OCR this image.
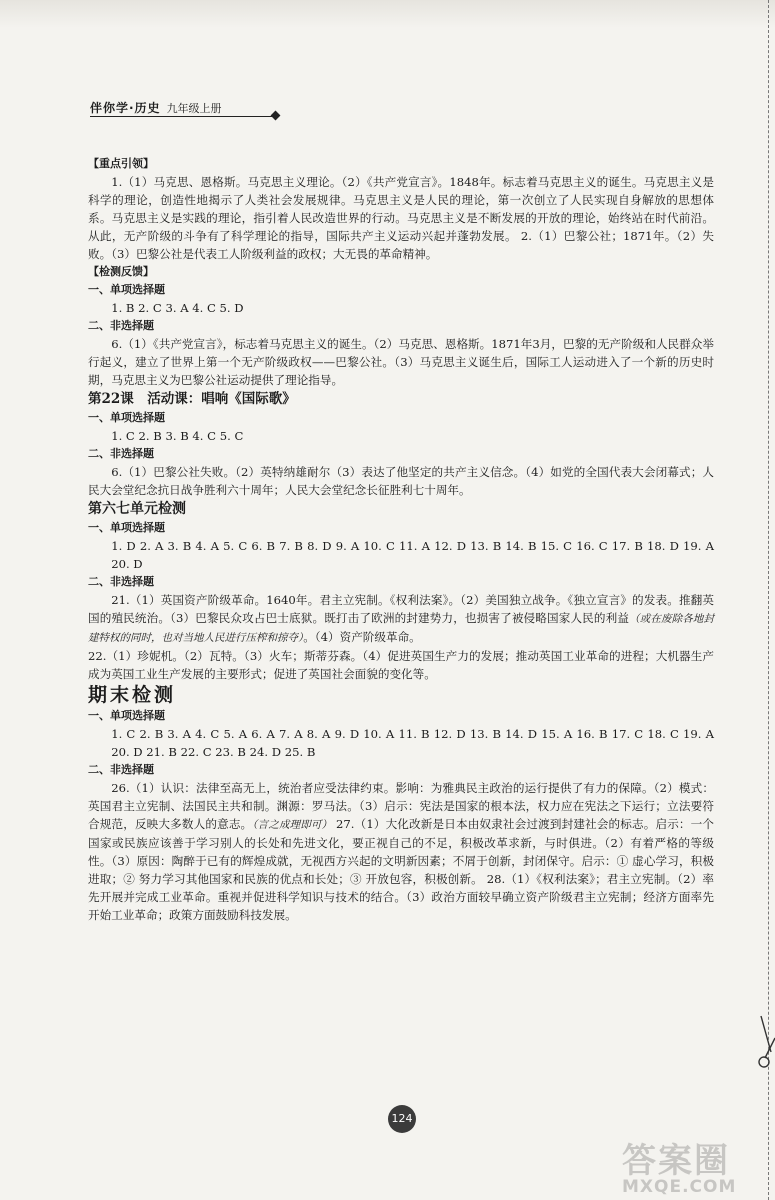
伴你学·历史 九年级上册

【重点引领】

1.（1）马克思、恩格斯。马克思主义理论。（2）《共产党宣言》。1848年。标志着马克思主义的诞生。马克思主义是科学的理论，创造性地揭示了人类社会发展规律。马克思主义是人民的理论，第一次创立了人民实现自身解放的思想体系。马克思主义是实践的理论，指引着人民改造世界的行动。马克思主义是不断发展的开放的理论，始终站在时代前沿。从此，无产阶级的斗争有了科学理论的指导，国际共产主义运动兴起并蓬勃发展。 2.（1）巴黎公社；1871年。（2）失败。（3）巴黎公社是代表工人阶级利益的政权；大无畏的革命精神。

【检测反馈】

一、单项选择题

1. B 2. C 3. A 4. C 5. D

二、非选择题

6.（1）《共产党宣言》，标志着马克思主义的诞生。（2）马克思、恩格斯。1871年3月，巴黎的无产阶级和人民群众举行起义，建立了世界上第一个无产阶级政权——巴黎公社。（3）马克思主义诞生后，国际工人运动进入了一个新的历史时期，马克思主义为巴黎公社运动提供了理论指导。

第22课　活动课：唱响《国际歌》

一、单项选择题

1. C 2. B 3. B 4. C 5. C

二、非选择题

6.（1）巴黎公社失败。（2）英特纳雄耐尔（3）表达了他坚定的共产主义信念。（4）如党的全国代表大会闭幕式；人民大会堂纪念抗日战争胜利六十周年；人民大会堂纪念长征胜利七十周年。

第六七单元检测

一、单项选择题

1. D 2. A 3. B 4. A 5. C 6. B 7. B 8. D 9. A 10. C 11. A 12. D 13. B 14. B 15. C 16. C 17. B 18. D 19. A 20. D

二、非选择题

21.（1）英国资产阶级革命。1640年。君主立宪制。《权利法案》。（2）美国独立战争。《独立宣言》的发表。推翻英国的殖民统治。（3）巴黎民众攻占巴士底狱。既打击了欧洲的封建势力，也损害了被侵略国家人民的利益（或在废除各地封建特权的同时，也对当地人民进行压榨和掠夺）。（4）资产阶级革命。

22.（1）珍妮机。（2）瓦特。（3）火车；斯蒂芬森。（4）促进英国生产力的发展；推动英国工业革命的进程；大机器生产成为英国工业生产发展的主要形式；促进了英国社会面貌的变化等。

期末检测

一、单项选择题

1. C 2. B 3. A 4. C 5. A 6. A 7. A 8. A 9. D 10. A 11. B 12. D 13. B 14. D 15. A 16. B 17. C 18. C 19. A 20. D 21. B 22. C 23. B 24. D 25. B

二、非选择题

26.（1）认识：法律至高无上，统治者应受法律约束。影响：为雅典民主政治的运行提供了有力的保障。（2）模式：英国君主立宪制、法国民主共和制。渊源：罗马法。（3）启示：宪法是国家的根本法，权力应在宪法之下运行；立法要符合规范，反映大多数人的意志。（言之成理即可） 27.（1）大化改新是日本由奴隶社会过渡到封建社会的标志。启示：一个国家或民族应该善于学习别人的长处和先进文化，要正视自己的不足，积极改革求新，与时俱进。（2）有着严格的等级性。（3）原因：陶醉于已有的辉煌成就，无视西方兴起的文明新因素；不屑于创新，封闭保守。启示：① 虚心学习，积极进取；② 努力学习其他国家和民族的优点和长处；③ 开放包容，积极创新。 28.（1）《权利法案》；君主立宪制。（2）率先开展并完成工业革命。重视并促进科学知识与技术的结合。（3）政治方面较早确立资产阶级君主立宪制；经济方面率先开始工业革命；政策方面鼓励科技发展。

124
答案圈
MXQE.COM
